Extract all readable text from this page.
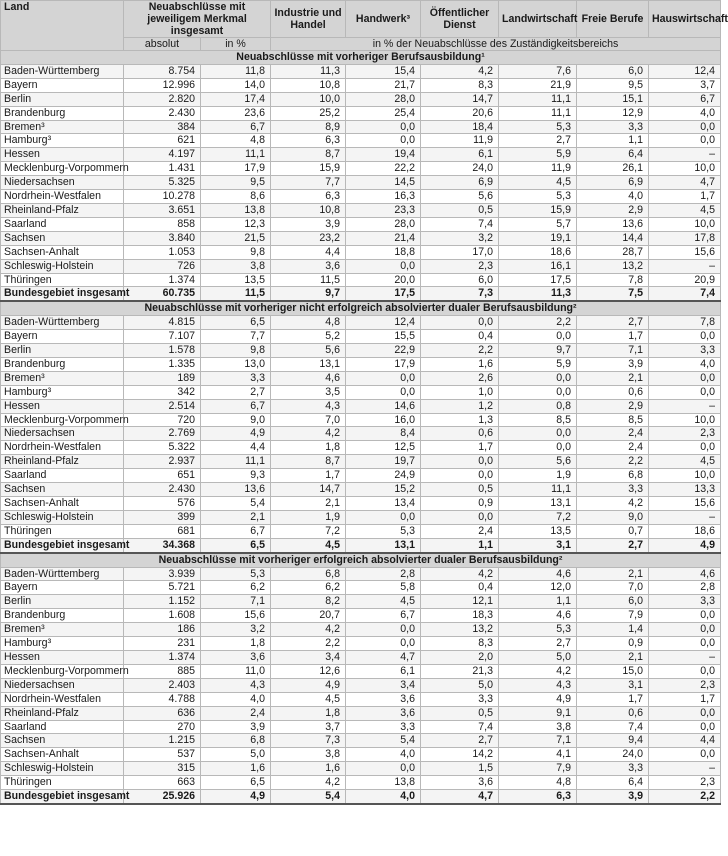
Land	Neuabschlüsse mit jeweiligem Merkmal insgesamt		Industrie und Handel	Handwerk³	Öffentlicher Dienst	Landwirtschaft	Freie Berufe	Hauswirtschaft
	absolut	in %	in % der Neuabschlüsse des Zuständigkeitsbereichs					
Neuabschlüsse mit vorheriger Berufsausbildung¹								
Baden-Württemberg	8.754	11,8	11,3	15,4	4,2	7,6	6,0	12,4
Bayern	12.996	14,0	10,8	21,7	8,3	21,9	9,5	3,7
Berlin	2.820	17,4	10,0	28,0	14,7	11,1	15,1	6,7
Brandenburg	2.430	23,6	25,2	25,4	20,6	11,1	12,9	4,0
Bremen³	384	6,7	8,9	0,0	18,4	5,3	3,3	0,0
Hamburg³	621	4,8	6,3	0,0	11,9	2,7	1,1	0,0
Hessen	4.197	11,1	8,7	19,4	6,1	5,9	6,4	–
Mecklenburg-Vorpommern	1.431	17,9	15,9	22,2	24,0	11,9	26,1	10,0
Niedersachsen	5.325	9,5	7,7	14,5	6,9	4,5	6,9	4,7
Nordrhein-Westfalen	10.278	8,6	6,3	16,3	5,6	5,3	4,0	1,7
Rheinland-Pfalz	3.651	13,8	10,8	23,3	0,5	15,9	2,9	4,5
Saarland	858	12,3	3,9	28,0	7,4	5,7	13,6	10,0
Sachsen	3.840	21,5	23,2	21,4	3,2	19,1	14,4	17,8
Sachsen-Anhalt	1.053	9,8	4,4	18,8	17,0	18,6	28,7	15,6
Schleswig-Holstein	726	3,8	3,6	0,0	2,3	16,1	13,2	–
Thüringen	1.374	13,5	11,5	20,0	6,0	17,5	7,8	20,9
Bundesgebiet insgesamt	60.735	11,5	9,7	17,5	7,3	11,3	7,5	7,4
Neuabschlüsse mit vorheriger nicht erfolgreich absolvierter dualer Berufsausbildung²								
Baden-Württemberg	4.815	6,5	4,8	12,4	0,0	2,2	2,7	7,8
Bayern	7.107	7,7	5,2	15,5	0,4	0,0	1,7	0,0
Berlin	1.578	9,8	5,6	22,9	2,2	9,7	7,1	3,3
Brandenburg	1.335	13,0	13,1	17,9	1,6	5,9	3,9	4,0
Bremen³	189	3,3	4,6	0,0	2,6	0,0	2,1	0,0
Hamburg³	342	2,7	3,5	0,0	1,0	0,0	0,6	0,0
Hessen	2.514	6,7	4,3	14,6	1,2	0,8	2,9	–
Mecklenburg-Vorpommern	720	9,0	7,0	16,0	1,3	8,5	8,5	10,0
Niedersachsen	2.769	4,9	4,2	8,4	0,6	0,0	2,4	2,3
Nordrhein-Westfalen	5.322	4,4	1,8	12,5	1,7	0,0	2,4	0,0
Rheinland-Pfalz	2.937	11,1	8,7	19,7	0,0	5,6	2,2	4,5
Saarland	651	9,3	1,7	24,9	0,0	1,9	6,8	10,0
Sachsen	2.430	13,6	14,7	15,2	0,5	11,1	3,3	13,3
Sachsen-Anhalt	576	5,4	2,1	13,4	0,9	13,1	4,2	15,6
Schleswig-Holstein	399	2,1	1,9	0,0	0,0	7,2	9,0	–
Thüringen	681	6,7	7,2	5,3	2,4	13,5	0,7	18,6
Bundesgebiet insgesamt	34.368	6,5	4,5	13,1	1,1	3,1	2,7	4,9
Neuabschlüsse mit vorheriger erfolgreich absolvierter dualer Berufsausbildung²								
Baden-Württemberg	3.939	5,3	6,8	2,8	4,2	4,6	2,1	4,6
Bayern	5.721	6,2	6,2	5,8	0,4	12,0	7,0	2,8
Berlin	1.152	7,1	8,2	4,5	12,1	1,1	6,0	3,3
Brandenburg	1.608	15,6	20,7	6,7	18,3	4,6	7,9	0,0
Bremen³	186	3,2	4,2	0,0	13,2	5,3	1,4	0,0
Hamburg³	231	1,8	2,2	0,0	8,3	2,7	0,9	0,0
Hessen	1.374	3,6	3,4	4,7	2,0	5,0	2,1	–
Mecklenburg-Vorpommern	885	11,0	12,6	6,1	21,3	4,2	15,0	0,0
Niedersachsen	2.403	4,3	4,9	3,4	5,0	4,3	3,1	2,3
Nordrhein-Westfalen	4.788	4,0	4,5	3,6	3,3	4,9	1,7	1,7
Rheinland-Pfalz	636	2,4	1,8	3,6	0,5	9,1	0,6	0,0
Saarland	270	3,9	3,7	3,3	7,4	3,8	7,4	0,0
Sachsen	1.215	6,8	7,3	5,4	2,7	7,1	9,4	4,4
Sachsen-Anhalt	537	5,0	3,8	4,0	14,2	4,1	24,0	0,0
Schleswig-Holstein	315	1,6	1,6	0,0	1,5	7,9	3,3	–
Thüringen	663	6,5	4,2	13,8	3,6	4,8	6,4	2,3
Bundesgebiet insgesamt	25.926	4,9	5,4	4,0	4,7	6,3	3,9	2,2
